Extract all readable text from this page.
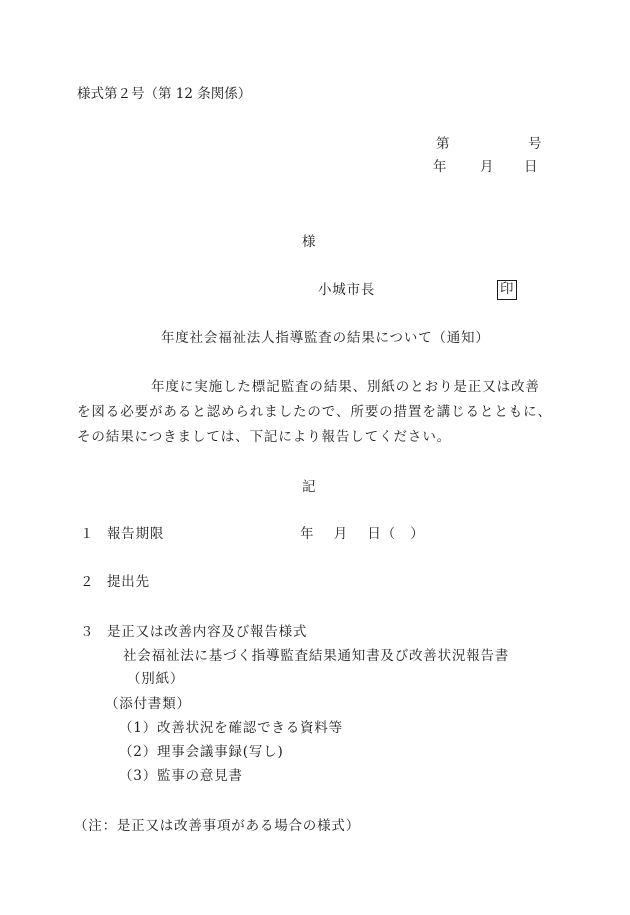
様式第２号（第 12 条関係）
第	号
年 月 日
様
小城市長	印
年度社会福祉法人指導監査の結果について（通知）
年度に実施した標記監査の結果、別紙のとおり是正又は改善を図る必要があると認められましたので、所要の措置を講じるとともに、その結果につきましては、下記により報告してください。
記
１ 報告期限	年　 月　 日（　）
２ 提出先
３ 是正又は改善内容及び報告様式
社会福祉法に基づく指導監査結果通知書及び改善状況報告書
（別紙）
（添付書類）
（1）改善状況を確認できる資料等
（2）理事会議事録(写し)
（3）監事の意見書
（注：是正又は改善事項がある場合の様式）
